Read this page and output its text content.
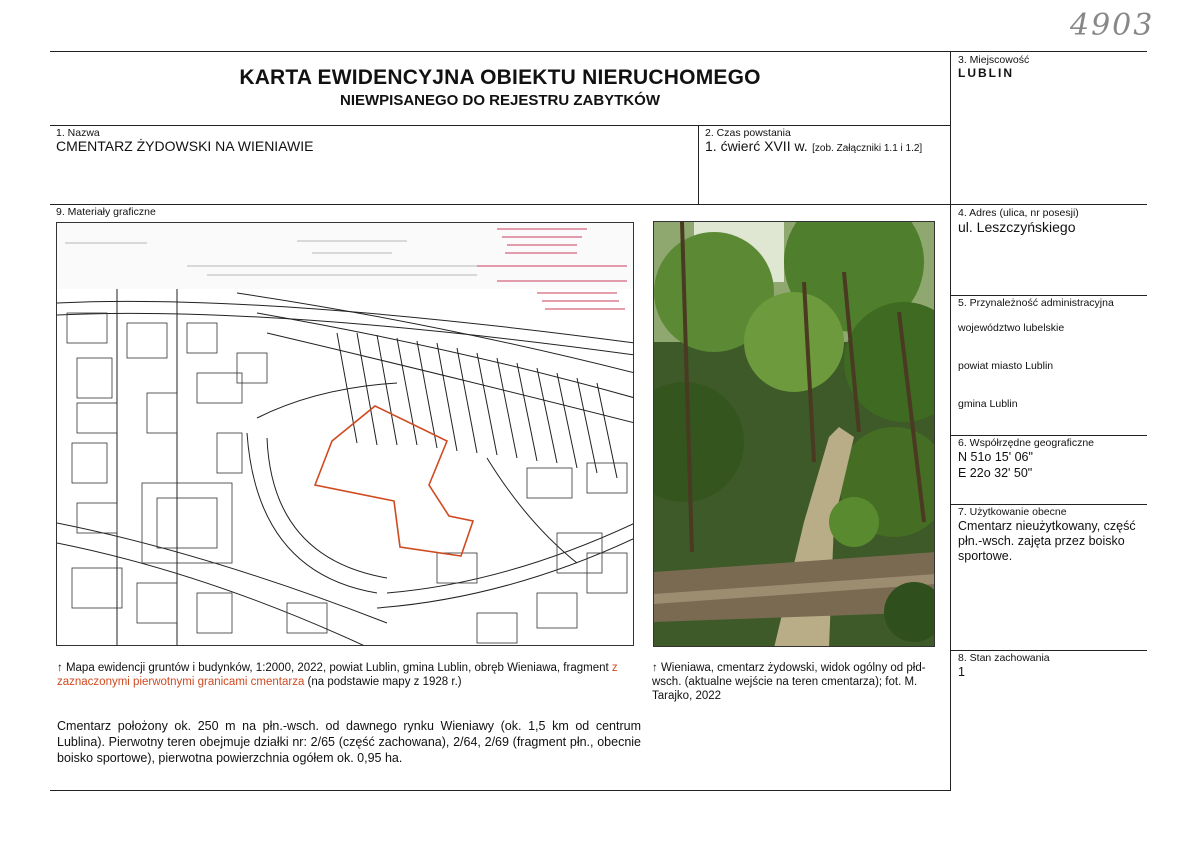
4903
KARTA EWIDENCYJNA OBIEKTU NIERUCHOMEGO
NIEWPISANEGO DO REJESTRU ZABYTKÓW
3. Miejscowość
LUBLIN
1. Nazwa
CMENTARZ ŻYDOWSKI NA WIENIAWIE
2. Czas powstania
1. ćwierć XVII w. [zob. Załączniki 1.1 i 1.2]
9. Materiały graficzne	4. Adres (ulica, nr posesji)
ul. Leszczyńskiego
5. Przynależność administracyjna
województwo lubelskie
powiat miasto Lublin
gmina Lublin
6. Współrzędne geograficzne
N 51o 15' 06"
E 22o 32' 50"
7. Użytkowanie obecne
Cmentarz nieużytkowany, część płn.-wsch. zajęta przez boisko sportowe.
8. Stan zachowania
1
↑ Mapa ewidencji gruntów i budynków, 1:2000, 2022, powiat Lublin, gmina Lublin, obręb Wieniawa, fragment z zaznaczonymi pierwotnymi granicami cmentarza (na podstawie mapy z 1928 r.)
↑ Wieniawa, cmentarz żydowski, widok ogólny od płd-wsch. (aktualne wejście na teren cmentarza); fot. M. Tarajko, 2022
Cmentarz położony ok. 250 m na płn.-wsch. od dawnego rynku Wieniawy (ok. 1,5 km od centrum Lublina). Pierwotny teren obejmuje działki nr: 2/65 (część zachowana), 2/64, 2/69 (fragment płn., obecnie boisko sportowe), pierwotna powierzchnia ogółem ok. 0,95 ha.
